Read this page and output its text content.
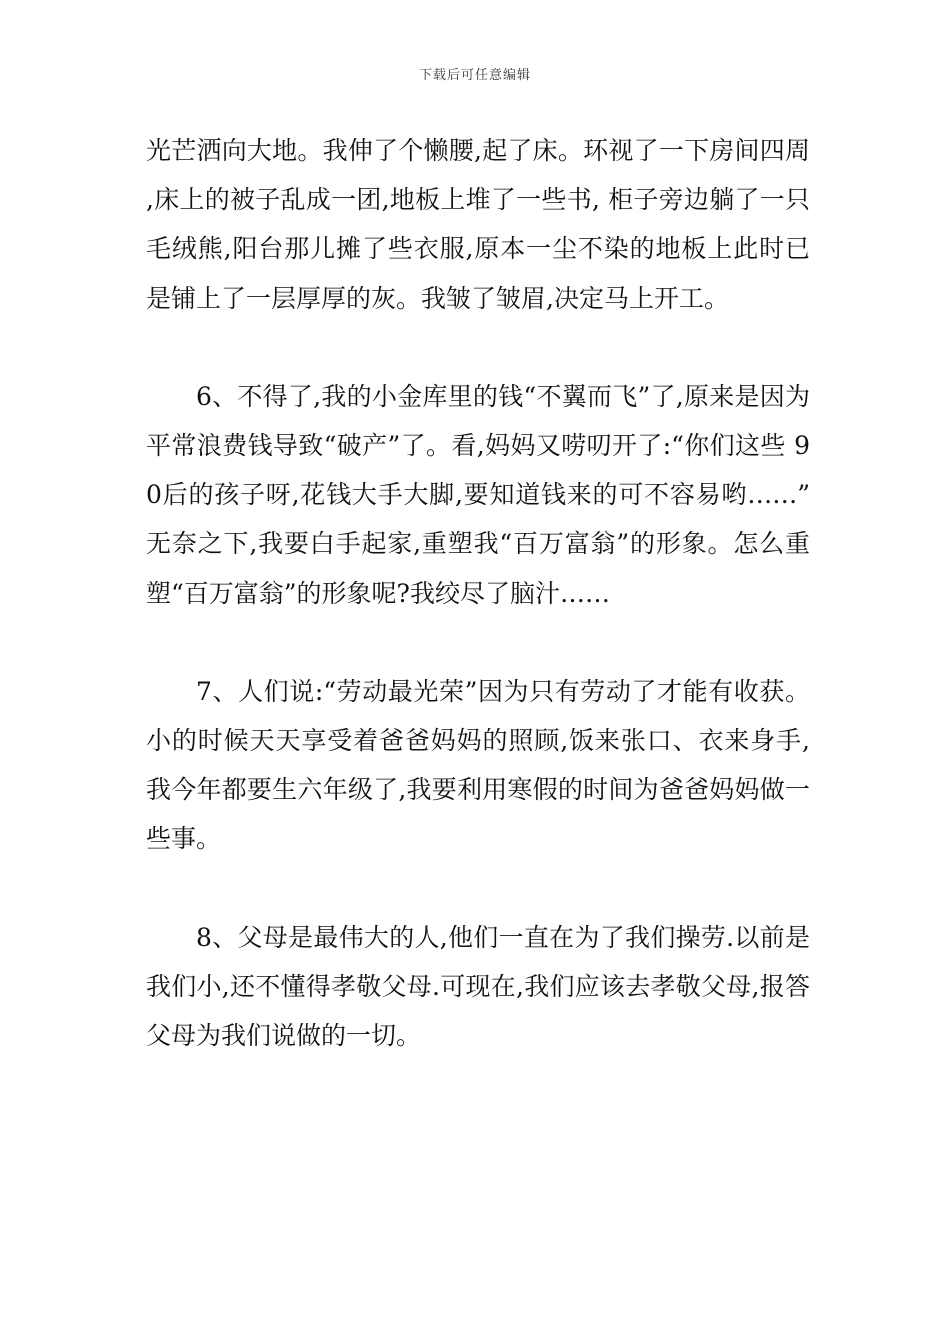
下载后可任意编辑

光芒洒向大地。我伸了个懒腰,起了床。环视了一下房间四周,床上的被子乱成一团,地板上堆了一些书, 柜子旁边躺了一只毛绒熊,阳台那儿摊了些衣服,原本一尘不染的地板上此时已是铺上了一层厚厚的灰。我皱了皱眉,决定马上开工。

6、不得了,我的小金库里的钱“不翼而飞”了,原来是因为平常浪费钱导致“破产”了。看,妈妈又唠叨开了:“你们这些 90后的孩子呀,花钱大手大脚,要知道钱来的可不容易哟……”无奈之下,我要白手起家,重塑我“百万富翁”的形象。怎么重塑“百万富翁”的形象呢?我绞尽了脑汁……

7、人们说:“劳动最光荣”因为只有劳动了才能有收获。小的时候天天享受着爸爸妈妈的照顾,饭来张口、衣来身手,我今年都要生六年级了,我要利用寒假的时间为爸爸妈妈做一些事。

8、父母是最伟大的人,他们一直在为了我们操劳.以前是我们小,还不懂得孝敬父母.可现在,我们应该去孝敬父母,报答父母为我们说做的一切。
